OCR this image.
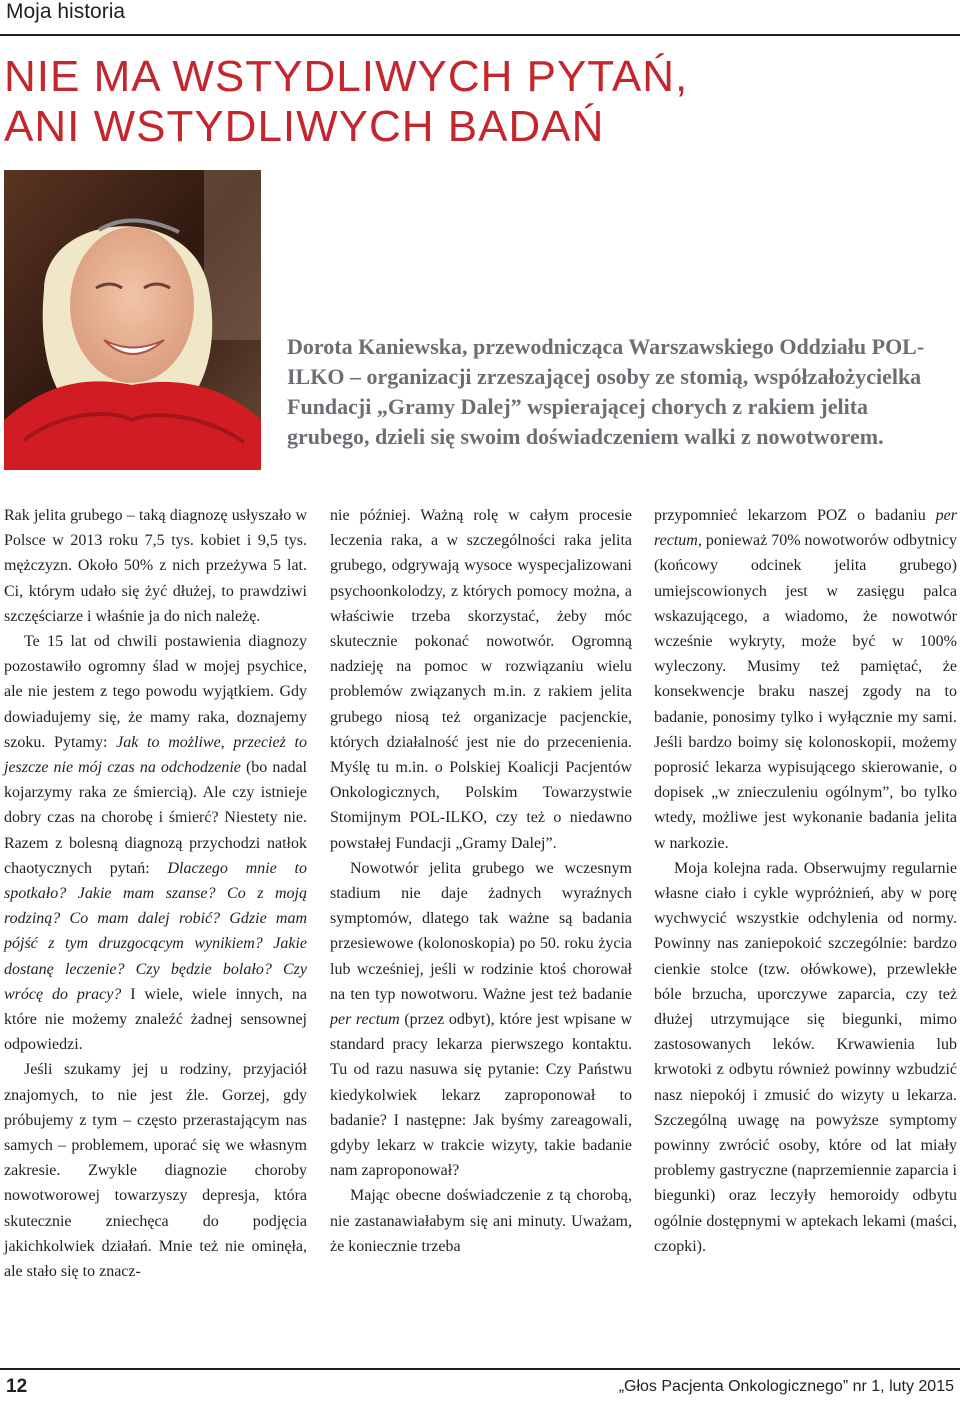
Moja historia
NIE MA WSTYDLIWYCH PYTAŃ,
ANI WSTYDLIWYCH BADAŃ

Dorota Kaniewska, przewodnicząca Warszawskiego Oddziału POL-ILKO – organizacji zrzeszającej osoby ze stomią, współzałożycielka Fundacji „Gramy Dalej” wspierającej chorych z rakiem jelita grubego, dzieli się swoim doświadczeniem walki z nowotworem.

Rak jelita grubego – taką diagnozę usłyszało w Polsce w 2013 roku 7,5 tys. kobiet i 9,5 tys. mężczyzn. Około 50% z nich przeżywa 5 lat. Ci, którym udało się żyć dłużej, to prawdziwi szczęściarze i właśnie ja do nich należę.

Te 15 lat od chwili postawienia diagnozy pozostawiło ogromny ślad w mojej psychice, ale nie jestem z tego powodu wyjątkiem. Gdy dowiadujemy się, że mamy raka, doznajemy szoku. Pytamy: Jak to możliwe, przecież to jeszcze nie mój czas na odchodzenie (bo nadal kojarzymy raka ze śmiercią). Ale czy istnieje dobry czas na chorobę i śmierć? Niestety nie. Razem z bolesną diagnozą przychodzi natłok chaotycznych pytań: Dlaczego mnie to spotkało? Jakie mam szanse? Co z moją rodziną? Co mam dalej robić? Gdzie mam pójść z tym druzgocącym wynikiem? Jakie dostanę leczenie? Czy będzie bolało? Czy wrócę do pracy? I wiele, wiele innych, na które nie możemy znaleźć żadnej sensownej odpowiedzi.

Jeśli szukamy jej u rodziny, przyjaciół znajomych, to nie jest źle. Gorzej, gdy próbujemy z tym – często przerastającym nas samych – problemem, uporać się we własnym zakresie. Zwykle diagnozie choroby nowotworowej towarzyszy depresja, która skutecznie zniechęca do podjęcia jakichkolwiek działań. Mnie też nie ominęła, ale stało się to znacz-

nie później. Ważną rolę w całym procesie leczenia raka, a w szczególności raka jelita grubego, odgrywają wysoce wyspecjalizowani psychoonkolodzy, z których pomocy można, a właściwie trzeba skorzystać, żeby móc skutecznie pokonać nowotwór. Ogromną nadzieję na pomoc w rozwiązaniu wielu problemów związanych m.in. z rakiem jelita grubego niosą też organizacje pacjenckie, których działalność jest nie do przecenienia. Myślę tu m.in. o Polskiej Koalicji Pacjentów Onkologicznych, Polskim Towarzystwie Stomijnym POL-ILKO, czy też o niedawno powstałej Fundacji „Gramy Dalej”.

Nowotwór jelita grubego we wczesnym stadium nie daje żadnych wyraźnych symptomów, dlatego tak ważne są badania przesiewowe (kolonoskopia) po 50. roku życia lub wcześniej, jeśli w rodzinie ktoś chorował na ten typ nowotworu. Ważne jest też badanie per rectum (przez odbyt), które jest wpisane w standard pracy lekarza pierwszego kontaktu. Tu od razu nasuwa się pytanie: Czy Państwu kiedykolwiek lekarz zaproponował to badanie? I następne: Jak byśmy zareagowali, gdyby lekarz w trakcie wizyty, takie badanie nam zaproponował?

Mając obecne doświadczenie z tą chorobą, nie zastanawiałabym się ani minuty. Uważam, że koniecznie trzeba

przypomnieć lekarzom POZ o badaniu per rectum, ponieważ 70% nowotworów odbytnicy (końcowy odcinek jelita grubego) umiejscowionych jest w zasięgu palca wskazującego, a wiadomo, że nowotwór wcześnie wykryty, może być w 100% wyleczony. Musimy też pamiętać, że konsekwencje braku naszej zgody na to badanie, ponosimy tylko i wyłącznie my sami. Jeśli bardzo boimy się kolonoskopii, możemy poprosić lekarza wypisującego skierowanie, o dopisek „w znieczuleniu ogólnym”, bo tylko wtedy, możliwe jest wykonanie badania jelita w narkozie.

Moja kolejna rada. Obserwujmy regularnie własne ciało i cykle wypróżnień, aby w porę wychwycić wszystkie odchylenia od normy. Powinny nas zaniepokoić szczególnie: bardzo cienkie stolce (tzw. ołówkowe), przewlekłe bóle brzucha, uporczywe zaparcia, czy też dłużej utrzymujące się biegunki, mimo zastosowanych leków. Krwawienia lub krwotoki z odbytu również powinny wzbudzić nasz niepokój i zmusić do wizyty u lekarza. Szczególną uwagę na powyższe symptomy powinny zwrócić osoby, które od lat miały problemy gastryczne (naprzemiennie zaparcia i biegunki) oraz leczyły hemoroidy odbytu ogólnie dostępnymi w aptekach lekami (maści, czopki).

12	„Głos Pacjenta Onkologicznego” nr 1, luty 2015
